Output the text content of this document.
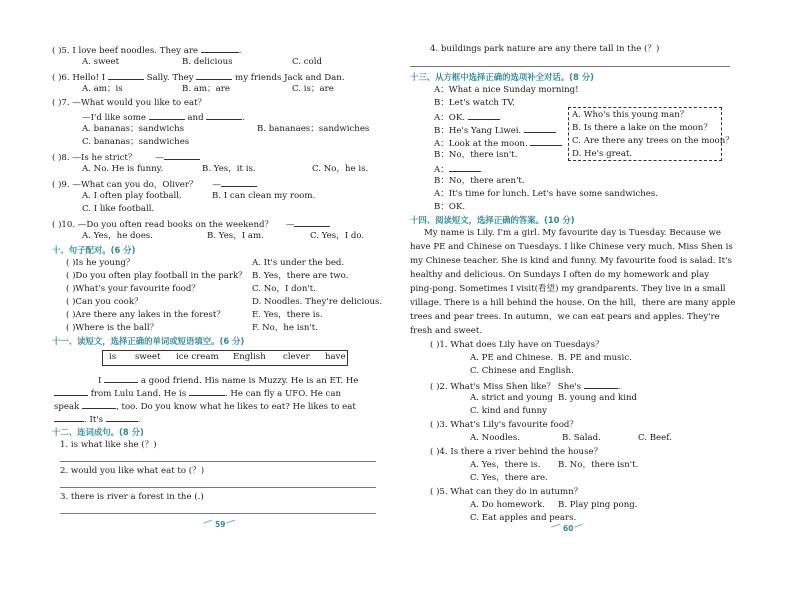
( )5. I love beef noodles. They are	.
A. sweet	B. delicious	C. cold
( )6. Hello! I	Sally. They	my friends Jack and Dan.
A. am；is	B. am；are	C. is；are
( )7. —What would you like to eat？
—I'd like some	and	.
A. bananas；sandwichs	B. bananaes；sandwiches
C. bananas；sandwiches
( )8. —Is he strict？ —
A. No. He is funny.	B. Yes，it is.	C. No，he is.
( )9. —What can you do，Oliver？ —
A. I often play football.	B. I can clean my room.
C. I like football.
( )10. —Do you often read books on the weekend？ —
A. Yes，he does.	B. Yes，I am.	C. Yes，I do.
十、句子配对。(6 分)
( )Is he young？	A. It's under the bed.
( )Do you often play football in the park？ B. Yes，there are two.
( )What's your favourite food？	C. No，I don't.
( )Can you cook？	D. Noodles. They're delicious.
( )Are there any lakes in the forest？	E. Yes，there is.
( )Where is the ball？	F. No，he isn't.
十一、读短文，选择正确的单词或短语填空。(6 分)
is sweet ice cream English clever have
I	a good friend. His name is Muzzy. He is an ET. He
from Lulu Land. He is	. He can fly a UFO. He can
speak	, too. Do you know what he likes to eat? He likes to eat
. It's	.
十二、连词成句。(8 分)
1. is what like she (？)
2. would you like what eat to (？)
3. there is river a forest in the (.)
59
4. buildings park nature are any there tall in the (？)
十三、从方框中选择正确的选项补全对话。(8 分)
A：What a nice Sunday morning!
B：Let's watch TV.
A：OK.
B：He's Yang Liwei.
A：Look at the moon.
B：No，there isn't.
A：
B：No，there aren't.
A：It's time for lunch. Let's have some sandwiches.
B：OK.
A. Who's this young man？
B. Is there a lake on the moon？
C. Are there any trees on the moon？
D. He's great.
十四、阅读短文，选择正确的答案。(10 分)
My name is Lily. I'm a girl. My favourite day is Tuesday. Because we
have PE and Chinese on Tuesdays. I like Chinese very much. Miss Shen is
my Chinese teacher. She is kind and funny. My favourite food is salad. It's
healthy and delicious. On Sundays I often do my homework and play
ping-pong. Sometimes I visit(看望) my grandparents. They live in a small
village. There is a hill behind the house. On the hill，there are many apple
trees and pear trees. In autumn，we can eat pears and apples. They're
fresh and sweet.
( )1. What does Lily have on Tuesdays？
A. PE and Chinese. B. PE and music.
C. Chinese and English.
( )2. What's Miss Shen like？ She's	.
A. strict and young B. young and kind
C. kind and funny
( )3. What's Lily's favourite food？
A. Noodles.	B. Salad.	C. Beef.
( )4. Is there a river behind the house？
A. Yes，there is. B. No，there isn't.
C. Yes，there are.
( )5. What can they do in autumn？
A. Do homework. B. Play ping pong.
C. Eat apples and pears.
60
